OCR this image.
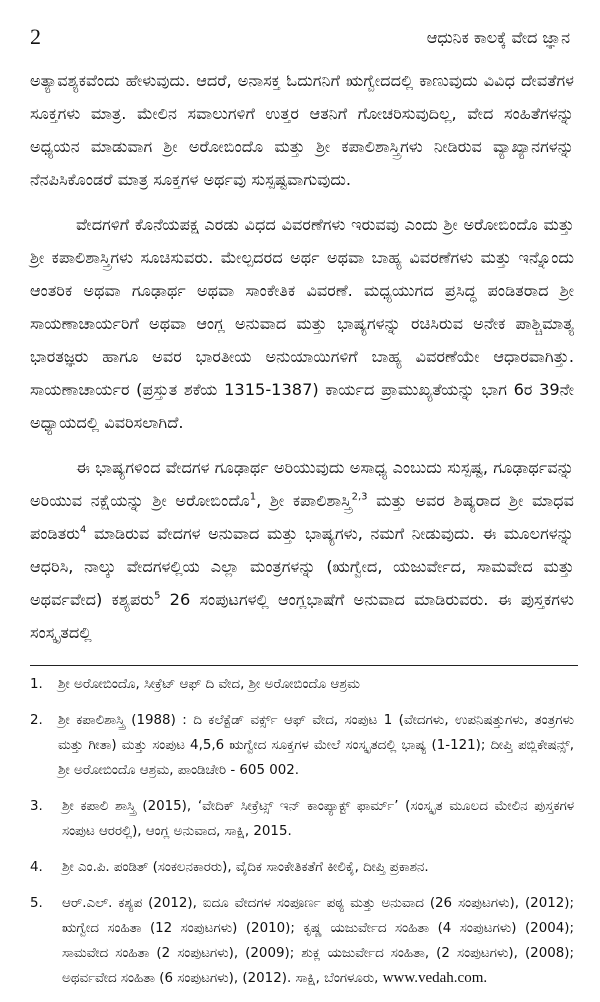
2	ಆಧುನಿಕ ಕಾಲಕ್ಕೆ ವೇದ ಜ್ಞಾನ

ಅತ್ಯಾವಶ್ಯಕವೆಂದು ಹೇಳುವುದು. ಆದರೆ, ಅನಾಸಕ್ತ ಓದುಗನಿಗೆ ಋಗ್ವೇದದಲ್ಲಿ ಕಾಣುವುದು ವಿವಿಧ ದೇವತೆಗಳ ಸೂಕ್ತಗಳು ಮಾತ್ರ. ಮೇಲಿನ ಸವಾಲುಗಳಿಗೆ ಉತ್ತರ ಆತನಿಗೆ ಗೋಚರಿಸುವುದಿಲ್ಲ, ವೇದ ಸಂಹಿತೆಗಳನ್ನು ಅಧ್ಯಯನ ಮಾಡುವಾಗ ಶ್ರೀ ಅರೋಬಿಂದೊ ಮತ್ತು ಶ್ರೀ ಕಪಾಲಿಶಾಸ್ತ್ರಿಗಳು ನೀಡಿರುವ ವ್ಯಾಖ್ಯಾನಗಳನ್ನು ನೆನಪಿಸಿಕೊಂಡರೆ ಮಾತ್ರ ಸೂಕ್ತಗಳ ಅರ್ಥವು ಸುಸ್ಪಷ್ಟವಾಗುವುದು.

ವೇದಗಳಿಗೆ ಕೊನೆಯಪಕ್ಷ ಎರಡು ವಿಧದ ವಿವರಣೆಗಳು ಇರುವವು ಎಂದು ಶ್ರೀ ಅರೋಬಿಂದೊ ಮತ್ತು ಶ್ರೀ ಕಪಾಲಿಶಾಸ್ತ್ರಿಗಳು ಸೂಚಿಸುವರು. ಮೇಲ್ಪದರದ ಅರ್ಥ ಅಥವಾ ಬಾಹ್ಯ ವಿವರಣೆಗಳು ಮತ್ತು ಇನ್ನೊಂದು ಆಂತರಿಕ ಅಥವಾ ಗೂಢಾರ್ಥ ಅಥವಾ ಸಾಂಕೇತಿಕ ವಿವರಣೆ. ಮಧ್ಯಯುಗದ ಪ್ರಸಿದ್ಧ ಪಂಡಿತರಾದ ಶ್ರೀ ಸಾಯಣಾಚಾರ್ಯರಿಗೆ ಅಥವಾ ಆಂಗ್ಲ ಅನುವಾದ ಮತ್ತು ಭಾಷ್ಯಗಳನ್ನು ರಚಿಸಿರುವ ಅನೇಕ ಪಾಶ್ಚಿಮಾತ್ಯ ಭಾರತಜ್ಞರು ಹಾಗೂ ಅವರ ಭಾರತೀಯ ಅನುಯಾಯಿಗಳಿಗೆ ಬಾಹ್ಯ ವಿವರಣೆಯೇ ಆಧಾರವಾಗಿತ್ತು. ಸಾಯಣಾಚಾರ್ಯರ (ಪ್ರಸ್ತುತ ಶಕೆಯ 1315-1387) ಕಾರ್ಯದ ಪ್ರಾಮುಖ್ಯತೆಯನ್ನು ಭಾಗ 6ರ 39ನೇ ಅಧ್ಯಾಯದಲ್ಲಿ ವಿವರಿಸಲಾಗಿದೆ.

ಈ ಭಾಷ್ಯಗಳಿಂದ ವೇದಗಳ ಗೂಢಾರ್ಥ ಅರಿಯುವುದು ಅಸಾಧ್ಯ ಎಂಬುದು ಸುಸ್ಪಷ್ಟ, ಗೂಢಾರ್ಥವನ್ನು ಅರಿಯುವ ನಕ್ಷೆಯನ್ನು ಶ್ರೀ ಅರೋಬಿಂದೊ$^1$, ಶ್ರೀ ಕಪಾಲಿಶಾಸ್ತ್ರಿ$^{2,3}$ ಮತ್ತು ಅವರ ಶಿಷ್ಯರಾದ ಶ್ರೀ ಮಾಧವ ಪಂಡಿತರು$^4$ ಮಾಡಿರುವ ವೇದಗಳ ಅನುವಾದ ಮತ್ತು ಭಾಷ್ಯಗಳು, ನಮಗೆ ನೀಡುವುದು. ಈ ಮೂಲಗಳನ್ನು ಆಧರಿಸಿ, ನಾಲ್ಕು ವೇದಗಳಲ್ಲಿಯ ಎಲ್ಲಾ ಮಂತ್ರಗಳನ್ನು (ಋಗ್ವೇದ, ಯಜುರ್ವೇದ, ಸಾಮವೇದ ಮತ್ತು ಅಥರ್ವವೇದ) ಕಶ್ಯಪರು$^5$ 26 ಸಂಪುಟಗಳಲ್ಲಿ ಆಂಗ್ಲಭಾಷೆಗೆ ಅನುವಾದ ಮಾಡಿರುವರು. ಈ ಪುಸ್ತಕಗಳು ಸಂಸ್ಕೃತದಲ್ಲಿ

1.	ಶ್ರೀ ಅರೋಬಿಂದೊ, ಸೀಕ್ರೆಟ್ ಆಫ್ ದಿ ವೇದ, ಶ್ರೀ ಅರೋಬಿಂದೊ ಆಶ್ರಮ
2.	ಶ್ರೀ ಕಪಾಲಿಶಾಸ್ತ್ರಿ (1988) : ದಿ ಕಲೆಕ್ಟೆಡ್ ವರ್ಕ್ಸ್ ಆಫ್ ವೇದ, ಸಂಪುಟ 1 (ವೇದಗಳು, ಉಪನಿಷತ್ತುಗಳು, ತಂತ್ರಗಳು ಮತ್ತು ಗೀತಾ) ಮತ್ತು ಸಂಪುಟ 4,5,6 ಋಗ್ವೇದ ಸೂಕ್ತಗಳ ಮೇಲೆ ಸಂಸ್ಕೃತದಲ್ಲಿ ಭಾಷ್ಯ (1-121); ದೀಪ್ತಿ ಪಬ್ಲಿಕೇಷನ್ಸ್, ಶ್ರೀ ಅರೋಬಿಂದೊ ಆಶ್ರಮ, ಪಾಂಡಿಚೇರಿ - 605 002.
3.	ಶ್ರೀ ಕಪಾಲಿ ಶಾಸ್ತ್ರಿ (2015), ‘ವೇದಿಕ್ ಸೀಕ್ರೆಟ್ಸ್ ಇನ್ ಕಾಂಪ್ಯಾಕ್ಟ್ ಫಾರ್ಮ್’ (ಸಂಸ್ಕೃತ ಮೂಲದ ಮೇಲಿನ ಪುಸ್ತಕಗಳ ಸಂಪುಟ ಆರರಲ್ಲಿ), ಆಂಗ್ಲ ಅನುವಾದ, ಸಾಕ್ಷಿ, 2015.
4.	ಶ್ರೀ ಎಂ.ಪಿ. ಪಂಡಿತ್ (ಸಂಕಲನಕಾರರು), ವೈದಿಕ ಸಾಂಕೇತಿಕತೆಗೆ ಕೀಲಿಕೈ, ದೀಪ್ತಿ ಪ್ರಕಾಶನ.
5.	ಆರ್.ಎಲ್. ಕಶ್ಯಪ (2012), ಐದೂ ವೇದಗಳ ಸಂಪೂರ್ಣ ಪಠ್ಯ ಮತ್ತು ಅನುವಾದ (26 ಸಂಪುಟಗಳು), (2012); ಋಗ್ವೇದ ಸಂಹಿತಾ (12 ಸಂಪುಟಗಳು) (2010); ಕೃಷ್ಣ ಯಜುರ್ವೇದ ಸಂಹಿತಾ (4 ಸಂಪುಟಗಳು) (2004); ಸಾಮವೇದ ಸಂಹಿತಾ (2 ಸಂಪುಟಗಳು), (2009); ಶುಕ್ಲ ಯಜುರ್ವೇದ ಸಂಹಿತಾ, (2 ಸಂಪುಟಗಳು), (2008); ಅಥರ್ವವೇದ ಸಂಹಿತಾ (6 ಸಂಪುಟಗಳು), (2012). ಸಾಕ್ಷಿ, ಬೆಂಗಳೂರು, www.vedah.com.
